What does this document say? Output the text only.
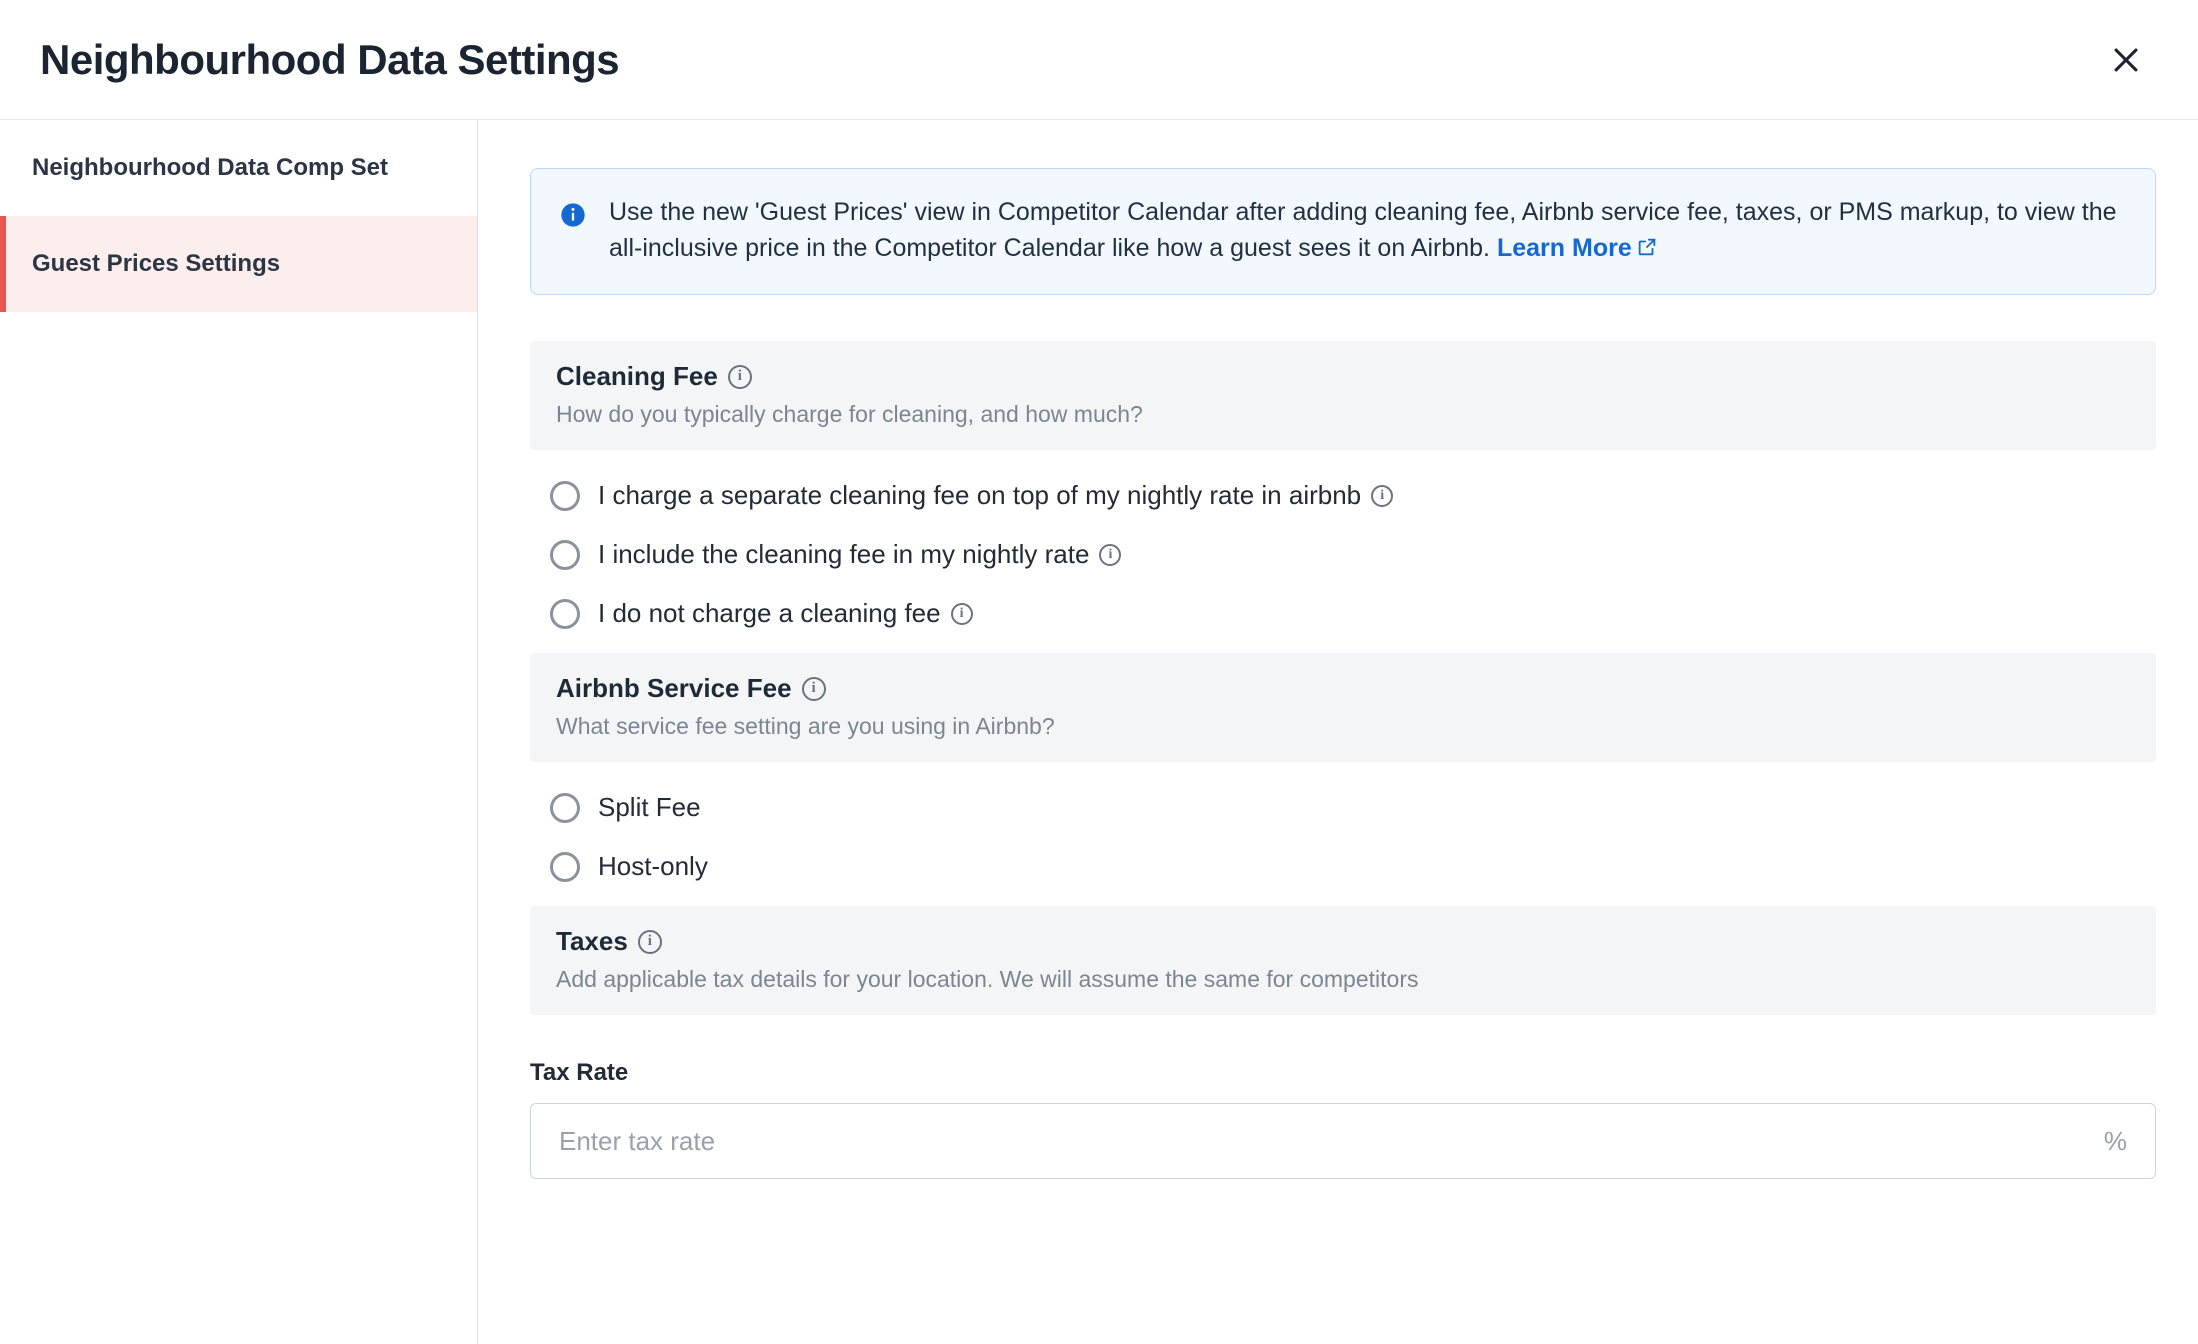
Neighbourhood Data Settings
Neighbourhood Data Comp Set
Guest Prices Settings
Use the new 'Guest Prices' view in Competitor Calendar after adding cleaning fee, Airbnb service fee, taxes, or PMS markup, to view the all-inclusive price in the Competitor Calendar like how a guest sees it on Airbnb. Learn More
Cleaning Fee	i
How do you typically charge for cleaning, and how much?
I charge a separate cleaning fee on top of my nightly rate in airbnb	i
I include the cleaning fee in my nightly rate	i
I do not charge a cleaning fee	i
Airbnb Service Fee	i
What service fee setting are you using in Airbnb?
Split Fee
Host-only
Taxes	i
Add applicable tax details for your location. We will assume the same for competitors
Tax Rate
Enter tax rate
%
